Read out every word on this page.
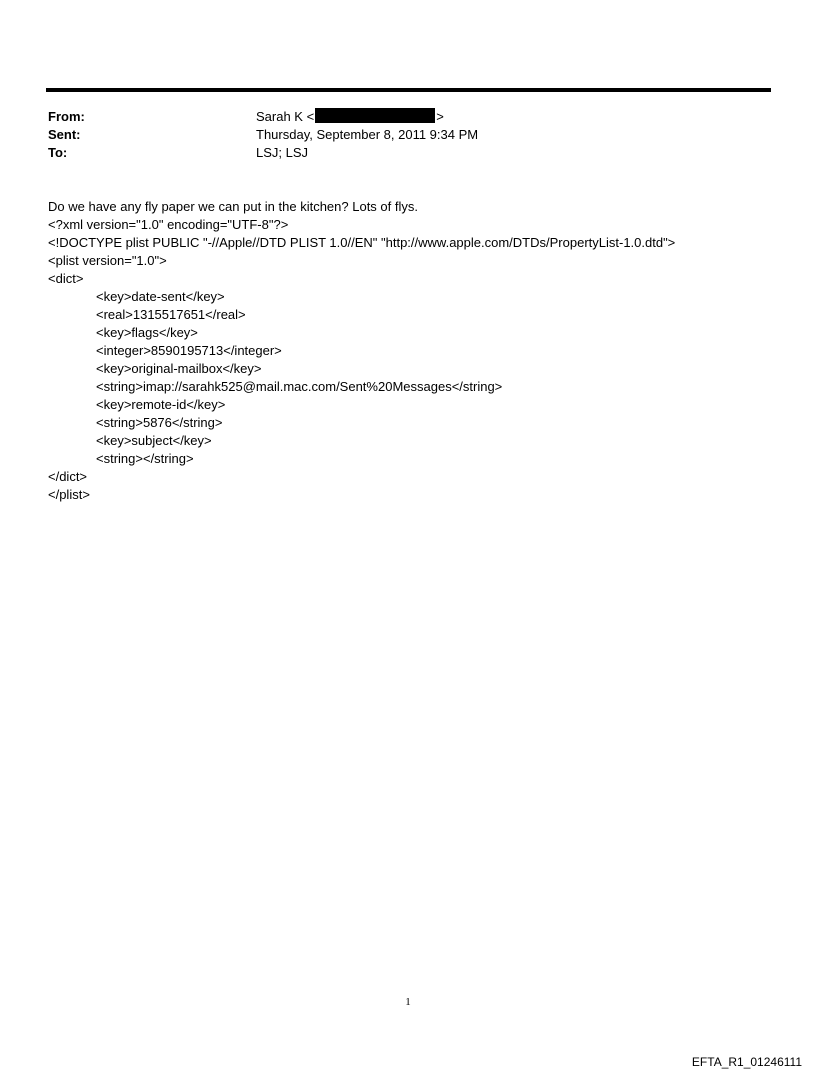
From:	Sarah K <	>
Sent:	Thursday, September 8, 2011 9:34 PM
To:	LSJ; LSJ
Do we have any fly paper we can put in the kitchen? Lots of flys.
<?xml version="1.0" encoding="UTF-8"?>
<!DOCTYPE plist PUBLIC "-//Apple//DTD PLIST 1.0//EN" "http://www.apple.com/DTDs/PropertyList-1.0.dtd">
<plist version="1.0">
<dict>
<key>date-sent</key>
<real>1315517651</real>
<key>flags</key>
<integer>8590195713</integer>
<key>original-mailbox</key>
<string>imap://sarahk525@mail.mac.com/Sent%20Messages</string>
<key>remote-id</key>
<string>5876</string>
<key>subject</key>
<string></string>
</dict>
</plist>
1
EFTA_R1_01246111
